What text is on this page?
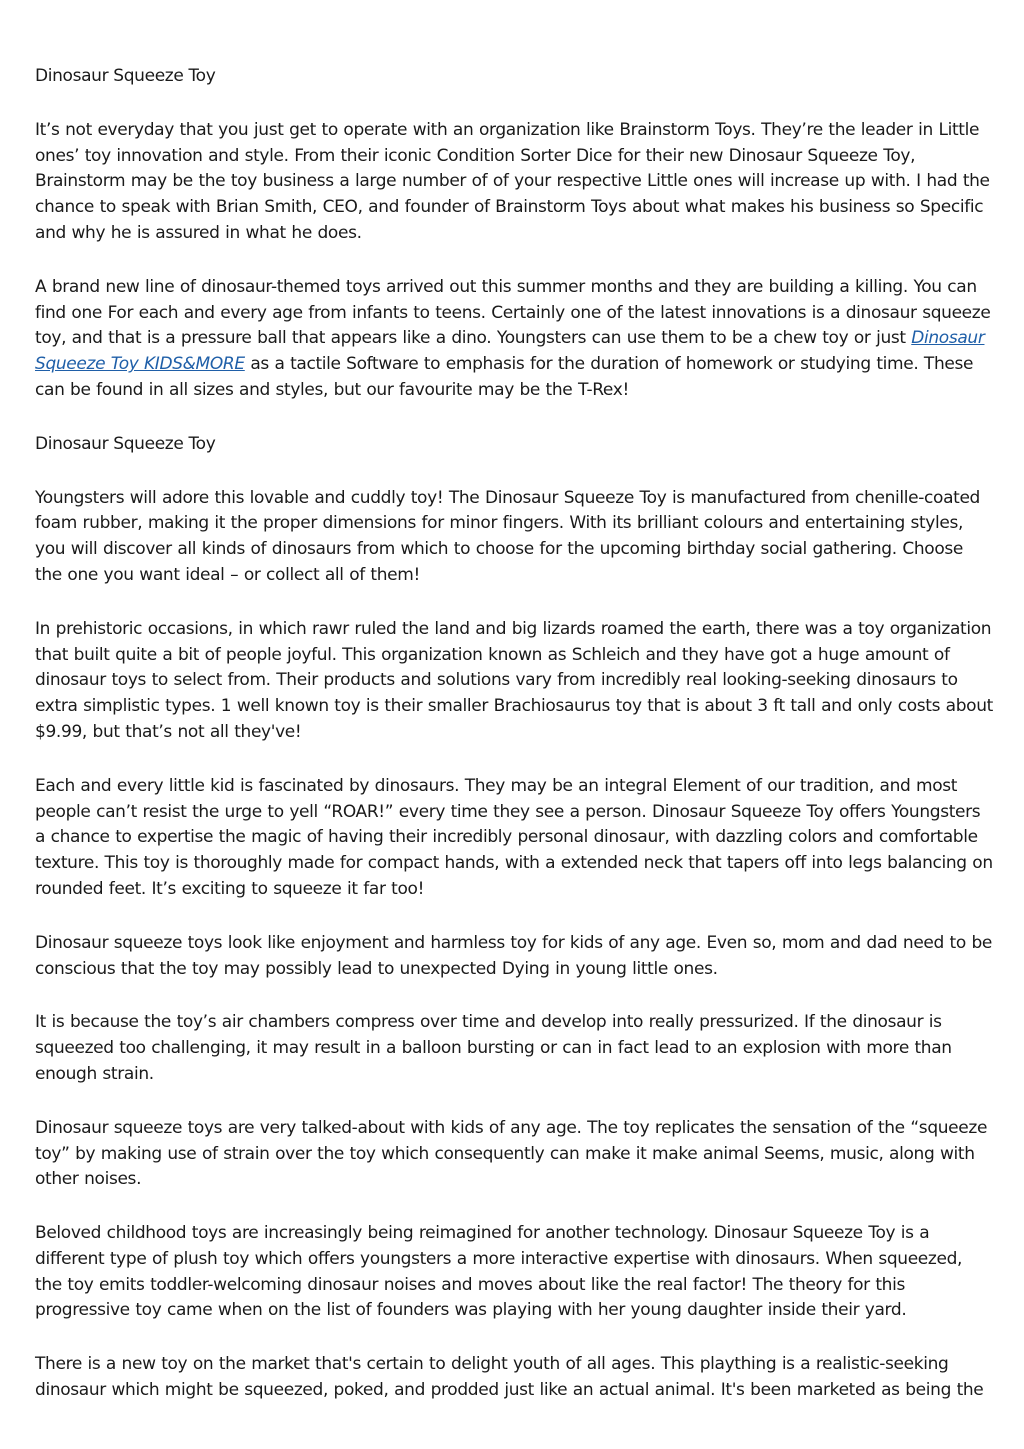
Dinosaur Squeeze Toy

It’s not everyday that you just get to operate with an organization like Brainstorm Toys. They’re the leader in Little ones’ toy innovation and style. From their iconic Condition Sorter Dice for their new Dinosaur Squeeze Toy, Brainstorm may be the toy business a large number of of your respective Little ones will increase up with. I had the chance to speak with Brian Smith, CEO, and founder of Brainstorm Toys about what makes his business so Specific and why he is assured in what he does.

A brand new line of dinosaur-themed toys arrived out this summer months and they are building a killing. You can find one For each and every age from infants to teens. Certainly one of the latest innovations is a dinosaur squeeze toy, and that is a pressure ball that appears like a dino. Youngsters can use them to be a chew toy or just Dinosaur Squeeze Toy KIDS&MORE as a tactile Software to emphasis for the duration of homework or studying time. These can be found in all sizes and styles, but our favourite may be the T-Rex!

Dinosaur Squeeze Toy

Youngsters will adore this lovable and cuddly toy! The Dinosaur Squeeze Toy is manufactured from chenille-coated foam rubber, making it the proper dimensions for minor fingers. With its brilliant colours and entertaining styles, you will discover all kinds of dinosaurs from which to choose for the upcoming birthday social gathering. Choose the one you want ideal – or collect all of them!

In prehistoric occasions, in which rawr ruled the land and big lizards roamed the earth, there was a toy organization that built quite a bit of people joyful. This organization known as Schleich and they have got a huge amount of dinosaur toys to select from. Their products and solutions vary from incredibly real looking-seeking dinosaurs to extra simplistic types. 1 well known toy is their smaller Brachiosaurus toy that is about 3 ft tall and only costs about $9.99, but that’s not all they've!

Each and every little kid is fascinated by dinosaurs. They may be an integral Element of our tradition, and most people can’t resist the urge to yell “ROAR!” every time they see a person. Dinosaur Squeeze Toy offers Youngsters a chance to expertise the magic of having their incredibly personal dinosaur, with dazzling colors and comfortable texture. This toy is thoroughly made for compact hands, with a extended neck that tapers off into legs balancing on rounded feet. It’s exciting to squeeze it far too!

Dinosaur squeeze toys look like enjoyment and harmless toy for kids of any age. Even so, mom and dad need to be conscious that the toy may possibly lead to unexpected Dying in young little ones.

It is because the toy’s air chambers compress over time and develop into really pressurized. If the dinosaur is squeezed too challenging, it may result in a balloon bursting or can in fact lead to an explosion with more than enough strain.

Dinosaur squeeze toys are very talked-about with kids of any age. The toy replicates the sensation of the “squeeze toy” by making use of strain over the toy which consequently can make it make animal Seems, music, along with other noises.

Beloved childhood toys are increasingly being reimagined for another technology. Dinosaur Squeeze Toy is a different type of plush toy which offers youngsters a more interactive expertise with dinosaurs. When squeezed, the toy emits toddler-welcoming dinosaur noises and moves about like the real factor! The theory for this progressive toy came when on the list of founders was playing with her young daughter inside their yard.

There is a new toy on the market that's certain to delight youth of all ages. This plaything is a realistic-seeking dinosaur which might be squeezed, poked, and prodded just like an actual animal. It's been marketed as being the
